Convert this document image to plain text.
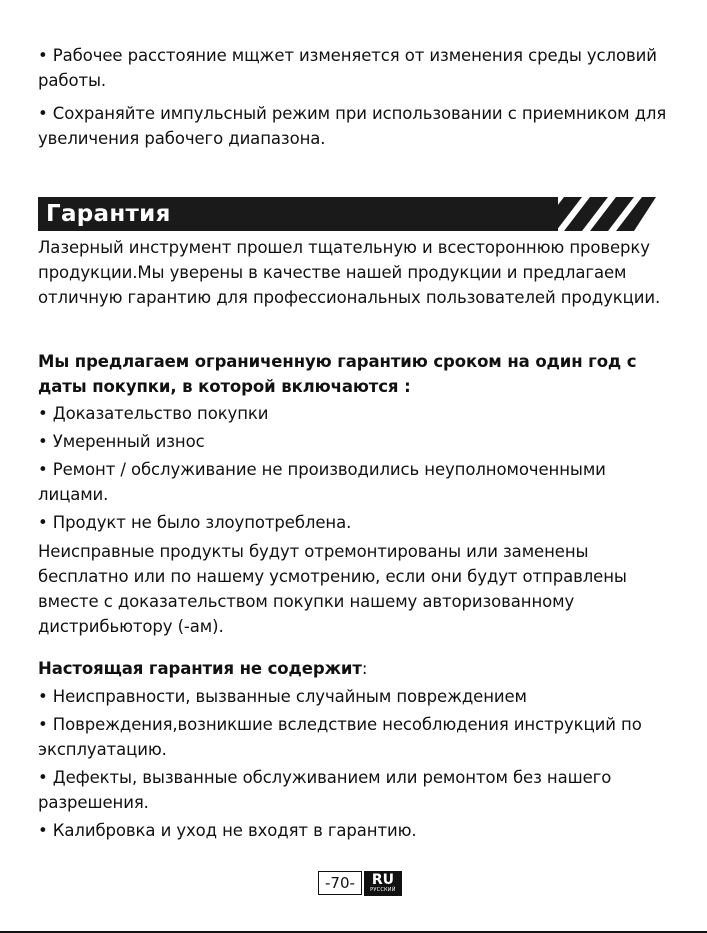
• Рабочее расстояние мщжет изменяется от изменения среды условий работы.

• Сохраняйте импульсный режим при использовании с приемником для увеличения рабочего диапазона.

Гарантия

Лазерный инструмент прошел тщательную и всестороннюю проверку продукции.Мы уверены в качестве нашей продукции и предлагаем отличную гарантию для профессиональных пользователей продукции.

Мы предлагаем ограниченную гарантию сроком на один год с даты покупки, в которой включаются :

• Доказательство покупки

• Умеренный износ

• Ремонт / обслуживание не производились неуполномоченными лицами.

• Продукт не было злоупотреблена.

Неисправные продукты будут отремонтированы или заменены бесплатно или по нашему усмотрению, если они будут отправлены вместе с доказательством покупки нашему авторизованному дистрибьютору (-ам).

Настоящая гарантия не содержит:

• Неисправности, вызванные случайным повреждением

• Повреждения,возникшие вследствие несоблюдения инструкций по эксплуатацию.

• Дефекты, вызванные обслуживанием или ремонтом без нашего разрешения.

• Калибровка и уход не входят в гарантию.

-70-	RU
РУССКИЙ
